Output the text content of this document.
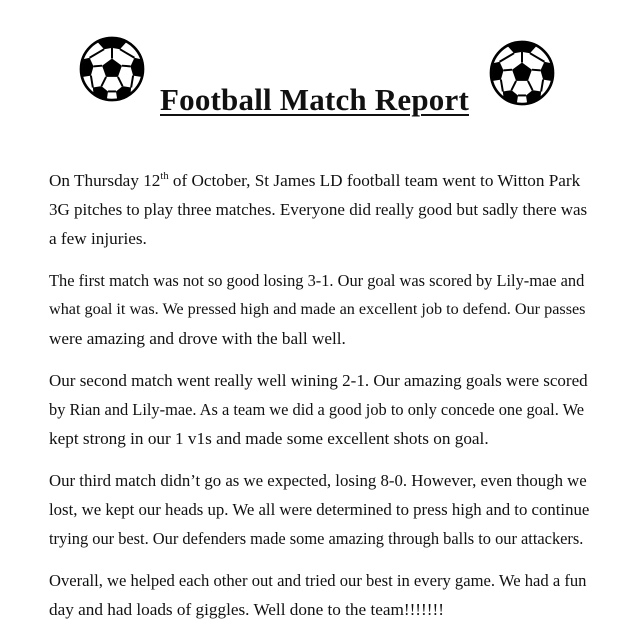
Football Match Report

On Thursday 12th of October, St James LD football team went to Witton Park
3G pitches to play three matches. Everyone did really good but sadly there was
a few injuries.

The first match was not so good losing 3-1. Our goal was scored by Lily-mae and
what goal it was. We pressed high and made an excellent job to defend. Our passes
were amazing and drove with the ball well.

Our second match went really well wining 2-1. Our amazing goals were scored
by Rian and Lily-mae. As a team we did a good job to only concede one goal. We
kept strong in our 1 v1s and made some excellent shots on goal.

Our third match didn’t go as we expected, losing 8-0. However, even though we
lost, we kept our heads up. We all were determined to press high and to continue
trying our best. Our defenders made some amazing through balls to our attackers.

Overall, we helped each other out and tried our best in every game. We had a fun
day and had loads of giggles. Well done to the team!!!!!!!
